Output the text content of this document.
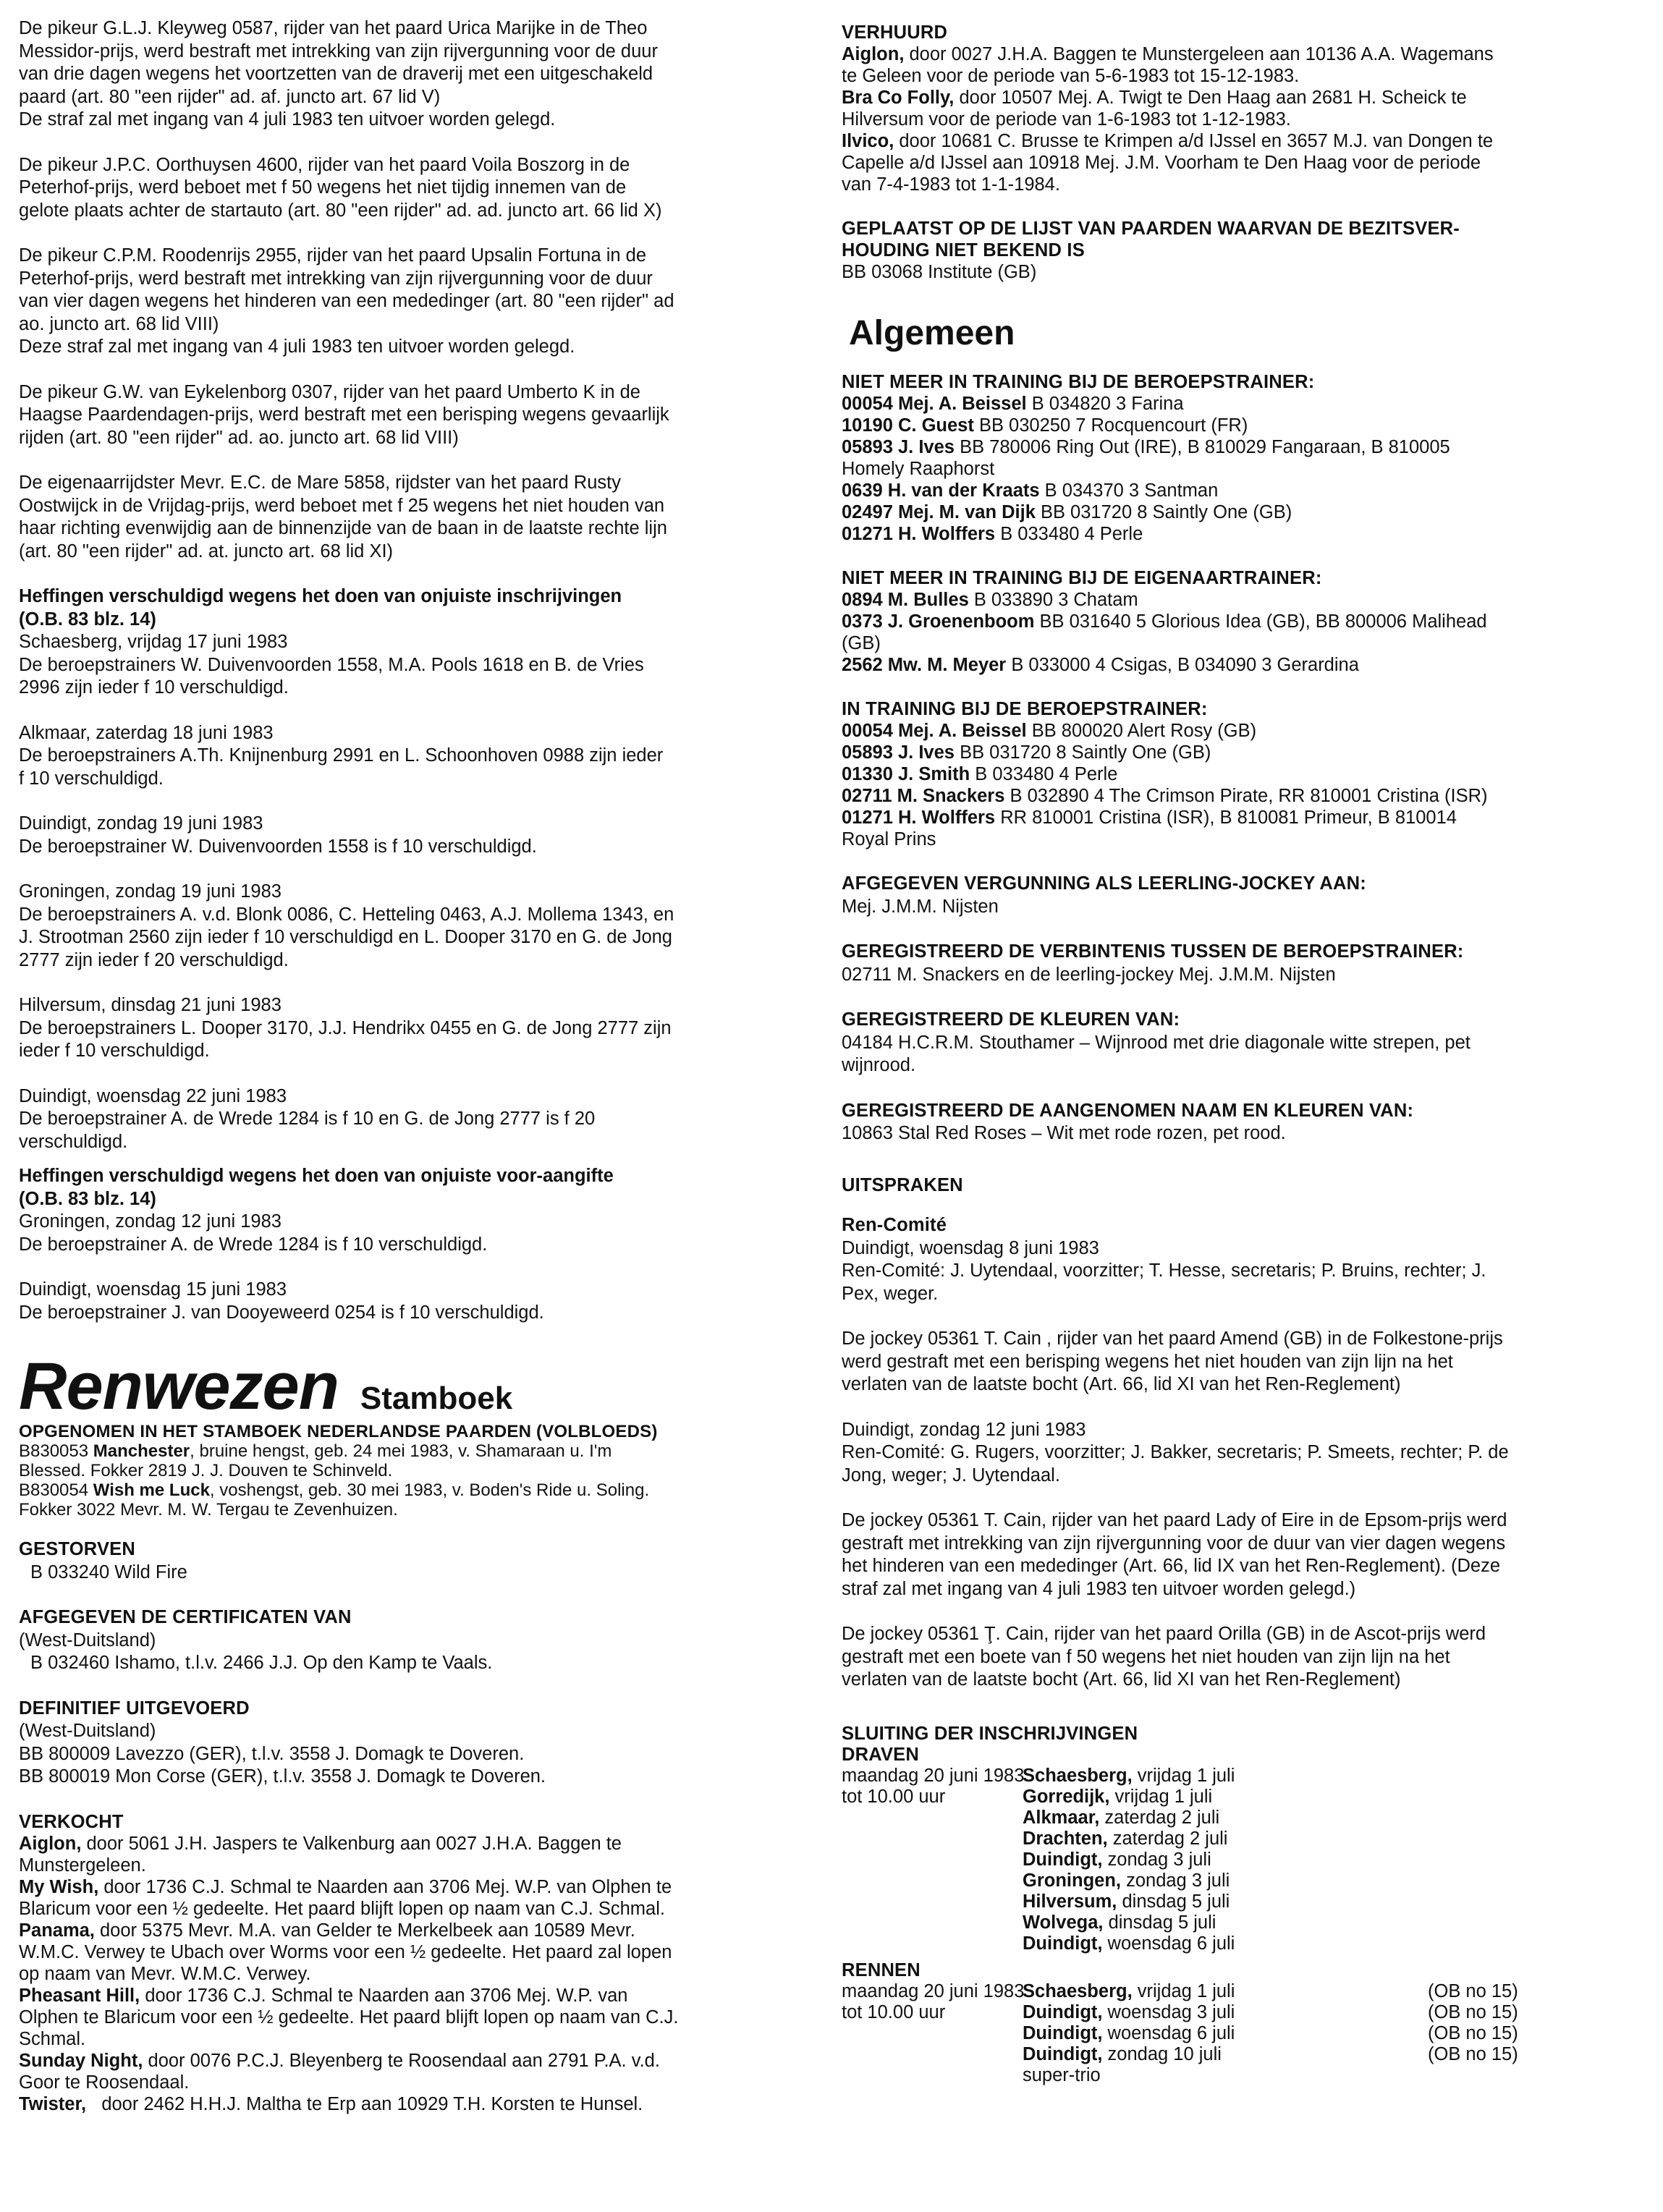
De pikeur G.L.J. Kleyweg 0587, rijder van het paard Urica Marijke in de Theo

Messidor-prijs, werd bestraft met intrekking van zijn rijvergunning voor de duur

van drie dagen wegens het voortzetten van de draverij met een uitgeschakeld

paard (art. 80 "een rijder" ad. af. juncto art. 67 lid V)

De straf zal met ingang van 4 juli 1983 ten uitvoer worden gelegd.

De pikeur J.P.C. Oorthuysen 4600, rijder van het paard Voila Boszorg in de

Peterhof-prijs, werd beboet met f 50 wegens het niet tijdig innemen van de

gelote plaats achter de startauto (art. 80 "een rijder" ad. ad. juncto art. 66 lid X)

De pikeur C.P.M. Roodenrijs 2955, rijder van het paard Upsalin Fortuna in de

Peterhof-prijs, werd bestraft met intrekking van zijn rijvergunning voor de duur

van vier dagen wegens het hinderen van een mededinger (art. 80 "een rijder" ad

ao. juncto art. 68 lid VIII)

Deze straf zal met ingang van 4 juli 1983 ten uitvoer worden gelegd.

De pikeur G.W. van Eykelenborg 0307, rijder van het paard Umberto K in de

Haagse Paardendagen-prijs, werd bestraft met een berisping wegens gevaarlijk

rijden (art. 80 "een rijder" ad. ao. juncto art. 68 lid VIII)

De eigenaarrijdster Mevr. E.C. de Mare 5858, rijdster van het paard Rusty

Oostwijck in de Vrijdag-prijs, werd beboet met f 25 wegens het niet houden van

haar richting evenwijdig aan de binnenzijde van de baan in de laatste rechte lijn

(art. 80 "een rijder" ad. at. juncto art. 68 lid XI)

Heffingen verschuldigd wegens het doen van onjuiste inschrijvingen

(O.B. 83 blz. 14)

Schaesberg, vrijdag 17 juni 1983

De beroepstrainers W. Duivenvoorden 1558, M.A. Pools 1618 en B. de Vries

2996 zijn ieder f 10 verschuldigd.

Alkmaar, zaterdag 18 juni 1983

De beroepstrainers A.Th. Knijnenburg 2991 en L. Schoonhoven 0988 zijn ieder

f 10 verschuldigd.

Duindigt, zondag 19 juni 1983

De beroepstrainer W. Duivenvoorden 1558 is f 10 verschuldigd.

Groningen, zondag 19 juni 1983

De beroepstrainers A. v.d. Blonk 0086, C. Hetteling 0463, A.J. Mollema 1343, en

J. Strootman 2560 zijn ieder f 10 verschuldigd en L. Dooper 3170 en G. de Jong

2777 zijn ieder f 20 verschuldigd.

Hilversum, dinsdag 21 juni 1983

De beroepstrainers L. Dooper 3170, J.J. Hendrikx 0455 en G. de Jong 2777 zijn

ieder f 10 verschuldigd.

Duindigt, woensdag 22 juni 1983

De beroepstrainer A. de Wrede 1284 is f 10 en G. de Jong 2777 is f 20

verschuldigd.

Heffingen verschuldigd wegens het doen van onjuiste voor-aangifte

(O.B. 83 blz. 14)

Groningen, zondag 12 juni 1983

De beroepstrainer A. de Wrede 1284 is f 10 verschuldigd.

Duindigt, woensdag 15 juni 1983

De beroepstrainer J. van Dooyeweerd 0254 is f 10 verschuldigd.

Renwezen Stamboek

OPGENOMEN IN HET STAMBOEK NEDERLANDSE PAARDEN (VOLBLOEDS)

B830053 Manchester, bruine hengst, geb. 24 mei 1983, v. Shamaraan u. I'm

Blessed. Fokker 2819 J. J. Douven te Schinveld.

B830054 Wish me Luck, voshengst, geb. 30 mei 1983, v. Boden's Ride u. Soling.

Fokker 3022 Mevr. M. W. Tergau te Zevenhuizen.

GESTORVEN

B 033240 Wild Fire

AFGEGEVEN DE CERTIFICATEN VAN

(West-Duitsland)

B 032460 Ishamo, t.l.v. 2466 J.J. Op den Kamp te Vaals.

DEFINITIEF UITGEVOERD

(West-Duitsland)

BB 800009 Lavezzo (GER), t.l.v. 3558 J. Domagk te Doveren.

BB 800019 Mon Corse (GER), t.l.v. 3558 J. Domagk te Doveren.

VERKOCHT

Aiglon, door 5061 J.H. Jaspers te Valkenburg aan 0027 J.H.A. Baggen te

Munstergeleen.

My Wish, door 1736 C.J. Schmal te Naarden aan 3706 Mej. W.P. van Olphen te

Blaricum voor een ½ gedeelte. Het paard blijft lopen op naam van C.J. Schmal.

Panama, door 5375 Mevr. M.A. van Gelder te Merkelbeek aan 10589 Mevr.

W.M.C. Verwey te Ubach over Worms voor een ½ gedeelte. Het paard zal lopen

op naam van Mevr. W.M.C. Verwey.

Pheasant Hill, door 1736 C.J. Schmal te Naarden aan 3706 Mej. W.P. van

Olphen te Blaricum voor een ½ gedeelte. Het paard blijft lopen op naam van C.J.

Schmal.

Sunday Night, door 0076 P.C.J. Bleyenberg te Roosendaal aan 2791 P.A. v.d.

Goor te Roosendaal.

Twister,   door 2462 H.H.J. Maltha te Erp aan 10929 T.H. Korsten te Hunsel.

VERHUURD

Aiglon, door 0027 J.H.A. Baggen te Munstergeleen aan 10136 A.A. Wagemans

te Geleen voor de periode van 5-6-1983 tot 15-12-1983.

Bra Co Folly, door 10507 Mej. A. Twigt te Den Haag aan 2681 H. Scheick te

Hilversum voor de periode van 1-6-1983 tot 1-12-1983.

Ilvico, door 10681 C. Brusse te Krimpen a/d IJssel en 3657 M.J. van Dongen te

Capelle a/d IJssel aan 10918 Mej. J.M. Voorham te Den Haag voor de periode

van 7-4-1983 tot 1-1-1984.

GEPLAATST OP DE LIJST VAN PAARDEN WAARVAN DE BEZITSVER-

HOUDING NIET BEKEND IS

BB 03068 Institute (GB)

Algemeen

NIET MEER IN TRAINING BIJ DE BEROEPSTRAINER:

00054 Mej. A. Beissel B 034820 3 Farina

10190 C. Guest BB 030250 7 Rocquencourt (FR)

05893 J. Ives BB 780006 Ring Out (IRE), B 810029 Fangaraan, B 810005

Homely Raaphorst

0639 H. van der Kraats B 034370 3 Santman

02497 Mej. M. van Dijk BB 031720 8 Saintly One (GB)

01271 H. Wolffers B 033480 4 Perle

NIET MEER IN TRAINING BIJ DE EIGENAARTRAINER:

0894 M. Bulles B 033890 3 Chatam

0373 J. Groenenboom BB 031640 5 Glorious Idea (GB), BB 800006 Malihead

(GB)

2562 Mw. M. Meyer B 033000 4 Csigas, B 034090 3 Gerardina

IN TRAINING BIJ DE BEROEPSTRAINER:

00054 Mej. A. Beissel BB 800020 Alert Rosy (GB)

05893 J. Ives BB 031720 8 Saintly One (GB)

01330 J. Smith B 033480 4 Perle

02711 M. Snackers B 032890 4 The Crimson Pirate, RR 810001 Cristina (ISR)

01271 H. Wolffers RR 810001 Cristina (ISR), B 810081 Primeur, B 810014

Royal Prins

AFGEGEVEN VERGUNNING ALS LEERLING-JOCKEY AAN:

Mej. J.M.M. Nijsten

GEREGISTREERD DE VERBINTENIS TUSSEN DE BEROEPSTRAINER:

02711 M. Snackers en de leerling-jockey Mej. J.M.M. Nijsten

GEREGISTREERD DE KLEUREN VAN:

04184 H.C.R.M. Stouthamer – Wijnrood met drie diagonale witte strepen, pet

wijnrood.

GEREGISTREERD DE AANGENOMEN NAAM EN KLEUREN VAN:

10863 Stal Red Roses – Wit met rode rozen, pet rood.

UITSPRAKEN

Ren-Comité

Duindigt, woensdag 8 juni 1983

Ren-Comité: J. Uytendaal, voorzitter; T. Hesse, secretaris; P. Bruins, rechter; J.

Pex, weger.

De jockey 05361 T. Cain , rijder van het paard Amend (GB) in de Folkestone-prijs

werd gestraft met een berisping wegens het niet houden van zijn lijn na het

verlaten van de laatste bocht (Art. 66, lid XI van het Ren-Reglement)

Duindigt, zondag 12 juni 1983

Ren-Comité: G. Rugers, voorzitter; J. Bakker, secretaris; P. Smeets, rechter; P. de

Jong, weger; J. Uytendaal.

De jockey 05361 T. Cain, rijder van het paard Lady of Eire in de Epsom-prijs werd

gestraft met intrekking van zijn rijvergunning voor de duur van vier dagen wegens

het hinderen van een mededinger (Art. 66, lid IX van het Ren-Reglement). (Deze

straf zal met ingang van 4 juli 1983 ten uitvoer worden gelegd.)

De jockey 05361 Ţ. Cain, rijder van het paard Orilla (GB) in de Ascot-prijs werd

gestraft met een boete van f 50 wegens het niet houden van zijn lijn na het

verlaten van de laatste bocht (Art. 66, lid XI van het Ren-Reglement)

SLUITING DER INSCHRIJVINGEN

DRAVEN

maandag 20 juni 1983

tot 10.00 uur

Schaesberg, vrijdag 1 juli

Gorredijk, vrijdag 1 juli

Alkmaar, zaterdag 2 juli

Drachten, zaterdag 2 juli

Duindigt, zondag 3 juli

Groningen, zondag 3 juli

Hilversum, dinsdag 5 juli

Wolvega, dinsdag 5 juli

Duindigt, woensdag 6 juli

RENNEN

maandag 20 juni 1983

tot 10.00 uur

Schaesberg, vrijdag 1 juli

Duindigt, woensdag 3 juli

Duindigt, woensdag 6 juli

Duindigt, zondag 10 juli

super-trio

(OB no 15)

(OB no 15)

(OB no 15)

(OB no 15)
